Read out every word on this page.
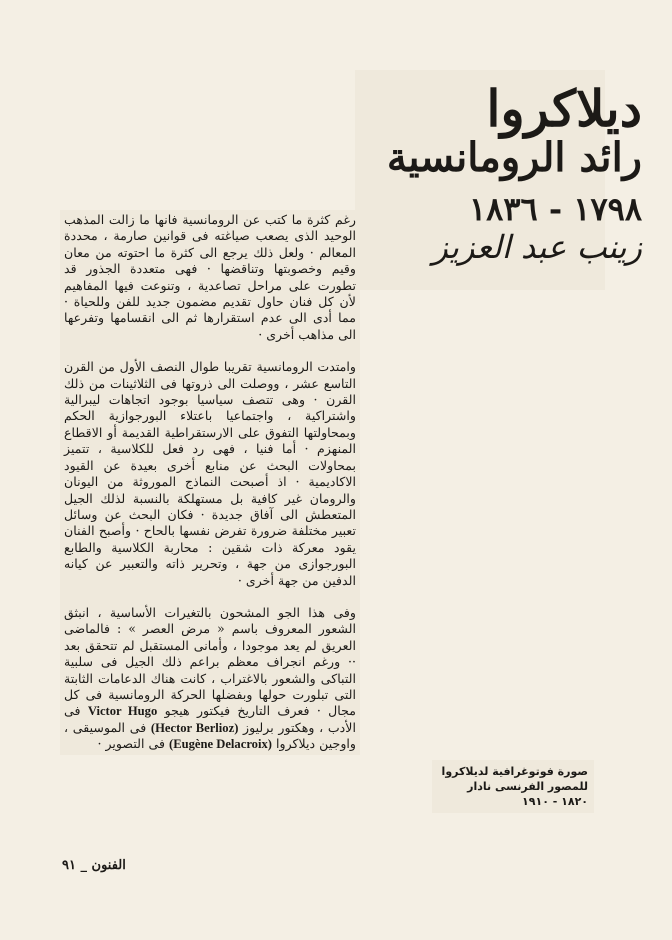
ديلاكروا
رائد الرومانسية
١٧٩٨ - ١٨٣٦
زينب عبد العزيز

رغم كثرة ما كتب عن الرومانسية فانها ما زالت المذهب الوحيد الذى يصعب صياغته فى قوانين صارمة ، محددة المعالم · ولعل ذلك يرجع الى كثرة ما احتوته من معان وقيم وخصوبتها وتناقضها · فهى متعددة الجذور قد تطورت على مراحل تصاعدية ، وتنوعت فيها المفاهيم لأن كل فنان حاول تقديم مضمون جديد للفن وللحياة · مما أدى الى عدم استقرارها ثم الى انقسامها وتفرعها الى مذاهب أخرى ·

وامتدت الرومانسية تقريبا طوال النصف الأول من القرن التاسع عشر ، ووصلت الى ذروتها فى الثلاثينات من ذلك القرن · وهى تتصف سياسيا بوجود اتجاهات ليبرالية واشتراكية ، واجتماعيا باعتلاء البورجوازية الحكم وبمحاولتها التفوق على الارستقراطية القديمة أو الاقطاع المنهزم · أما فنيا ، فهى رد فعل للكلاسية ، تتميز بمحاولات البحث عن منابع أخرى بعيدة عن القيود الاكاديمية · اذ أصبحت النماذج الموروثة من اليونان والرومان غير كافية بل مستهلكة بالنسبة لذلك الجيل المتعطش الى آفاق جديدة · فكان البحث عن وسائل تعبير مختلفة ضرورة تفرض نفسها بالحاح · وأصبح الفنان يقود معركة ذات شقين : محاربة الكلاسية والطابع البورجوازى من جهة ، وتحرير ذاته والتعبير عن كيانه الدفين من جهة أخرى ·

وفى هذا الجو المشحون بالتغيرات الأساسية ، انبثق الشعور المعروف باسم « مرض العصر » : فالماضى العريق لم يعد موجودا ، وأمانى المستقبل لم تتحقق بعد ·· ورغم انجراف معظم براعم ذلك الجيل فى سلبية التباكى والشعور بالاغتراب ، كانت هناك الدعامات الثابتة التى تبلورت حولها وبفضلها الحركة الرومانسية فى كل مجال · فعرف التاريخ فيكتور هيجو Victor Hugo فى الأدب ، وهكتور برليوز (Hector Berlioz) فى الموسيقى ، واوجين ديلاكروا (Eugène Delacroix) فى التصوير ·

صورة فوتوغرافية لديلاكروا
للمصور الفرنسى نادار
١٨٢٠ - ١٩١٠
الفنون _ ٩١
